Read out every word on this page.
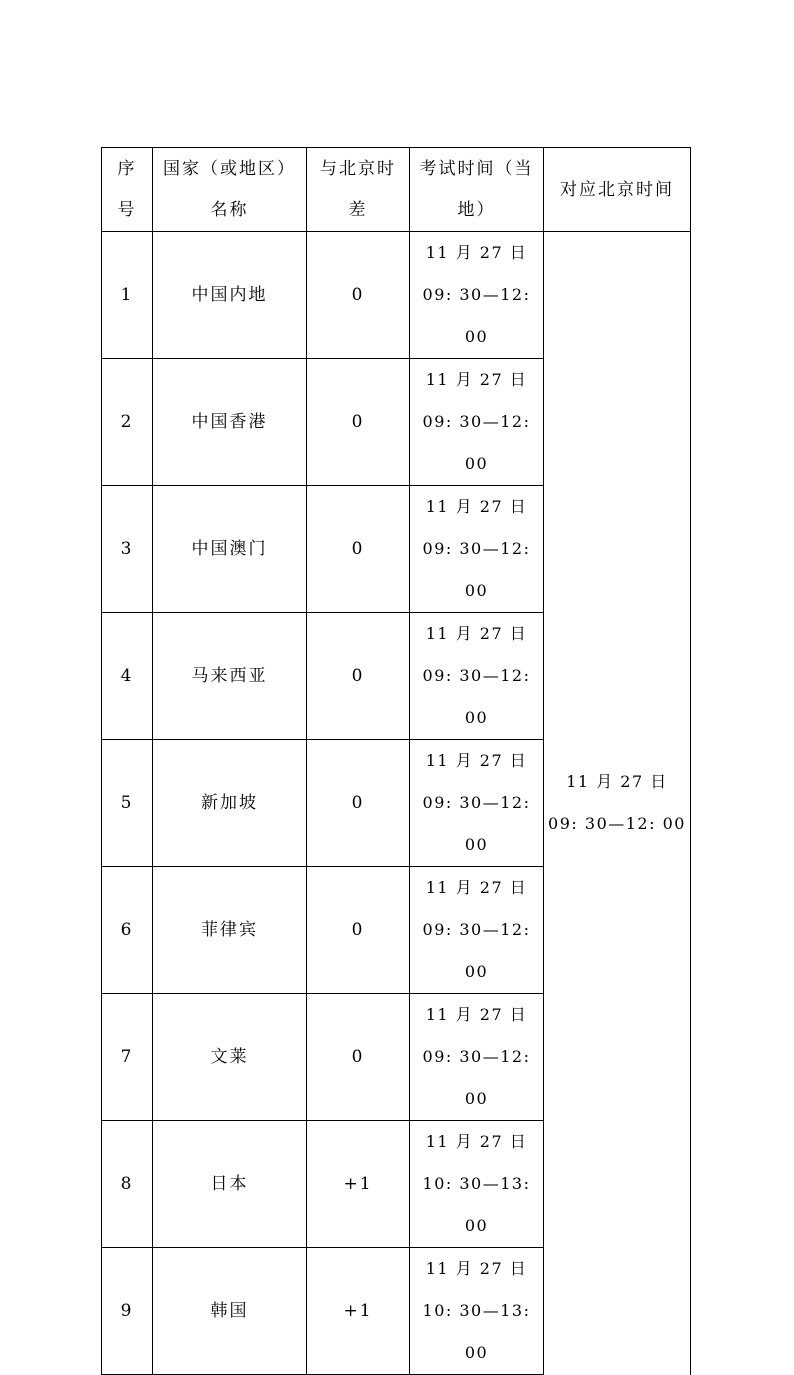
序
号	国家（或地区）
名称	与北京时
差	考试时间（当
地）	对应北京时间
1	中国内地	0	11 月 27 日
09: 30—12: 00	11 月 27 日
09: 30—12: 00

2	中国香港	0	11 月 27 日
09: 30—12: 00	

3	中国澳门	0	11 月 27 日
09: 30—12: 00	

4	马来西亚	0	11 月 27 日
09: 30—12: 00	

5	新加坡	0	11 月 27 日
09: 30—12: 00	

6	菲律宾	0	11 月 27 日
09: 30—12: 00	

7	文莱	0	11 月 27 日
09: 30—12: 00	

8	日本	+1	11 月 27 日
10: 30—13: 00	

9	韩国	+1	11 月 27 日
10: 30—13: 00	
